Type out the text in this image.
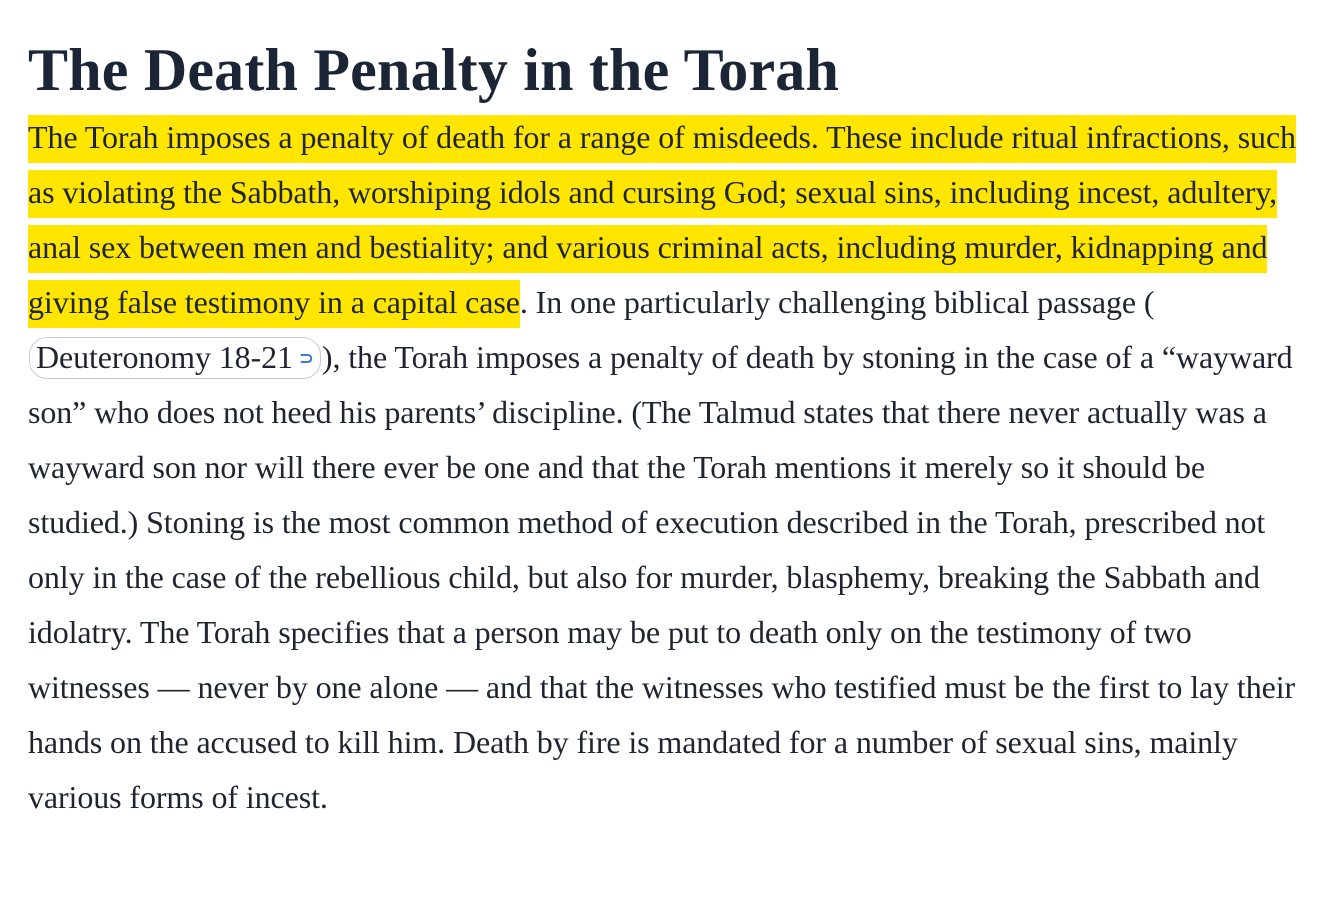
The Death Penalty in the Torah

The Torah imposes a penalty of death for a range of misdeeds. These include ritual infractions, such as violating the Sabbath, worshiping idols and cursing God; sexual sins, including incest, adultery, anal sex between men and bestiality; and various criminal acts, including murder, kidnapping and giving false testimony in a capital case. In one particularly challenging biblical passage (Deuteronomy 18-21 ⊃ ), the Torah imposes a penalty of death by stoning in the case of a “wayward son” who does not heed his parents’ discipline. (The Talmud states that there never actually was a wayward son nor will there ever be one and that the Torah mentions it merely so it should be studied.) Stoning is the most common method of execution described in the Torah, prescribed not only in the case of the rebellious child, but also for murder, blasphemy, breaking the Sabbath and idolatry. The Torah specifies that a person may be put to death only on the testimony of two witnesses — never by one alone — and that the witnesses who testified must be the first to lay their hands on the accused to kill him. Death by fire is mandated for a number of sexual sins, mainly various forms of incest.
